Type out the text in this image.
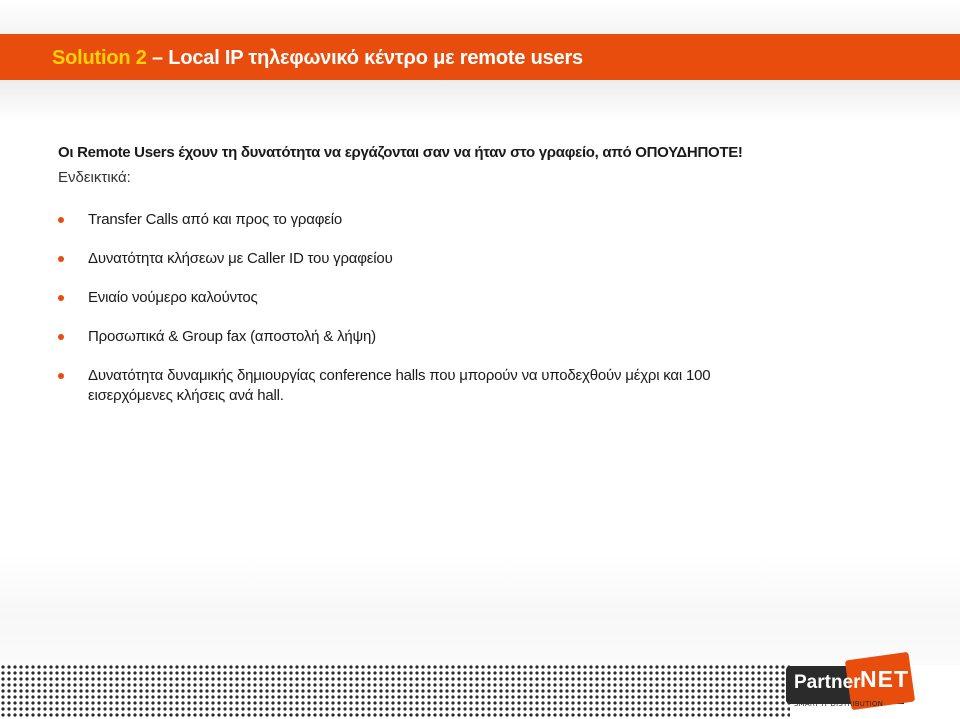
Solution 2 – Local IP τηλεφωνικό κέντρο με remote users

Οι Remote Users έχουν τη δυνατότητα να εργάζονται σαν να ήταν στο γραφείο, από ΟΠΟΥΔΗΠΟΤΕ!

Ενδεικτικά:

Transfer Calls από και προς το γραφείο
Δυνατότητα κλήσεων με Caller ID του γραφείου
Ενιαίο νούμερο καλούντος
Προσωπικά & Group fax (αποστολή & λήψη)
Δυνατότητα δυναμικής δημιουργίας conference halls που μπορούν να υποδεχθούν μέχρι και 100 εισερχόμενες κλήσεις ανά hall.
Partner NET
SMART IT DISTRIBUTION
